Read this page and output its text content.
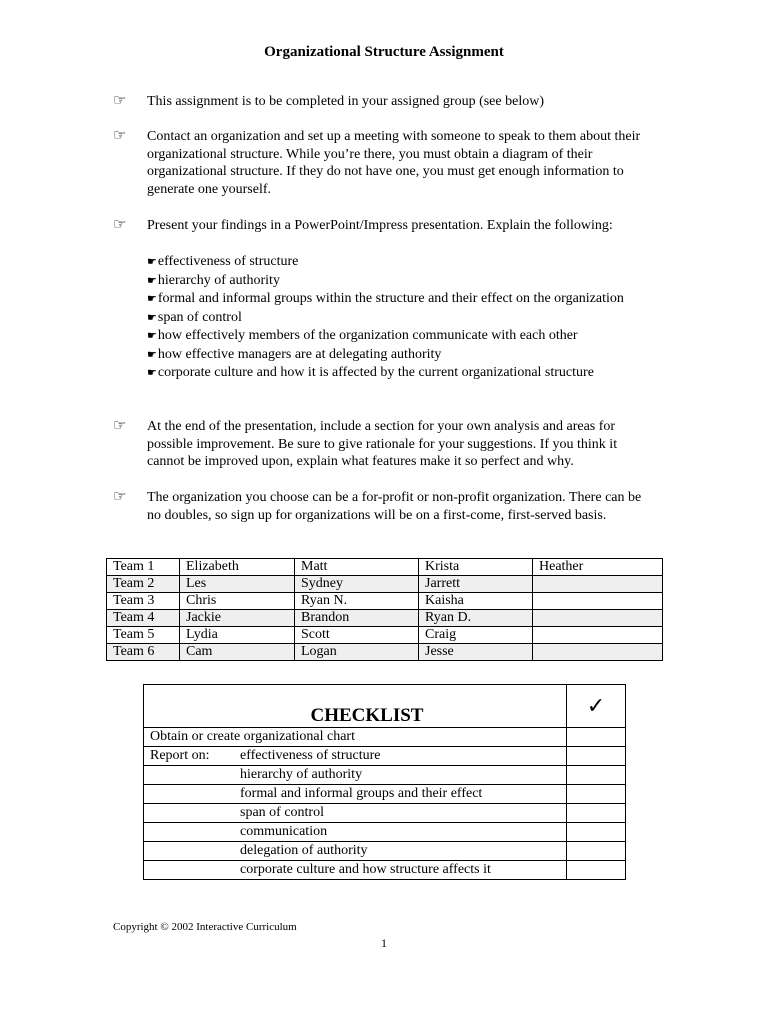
Organizational Structure Assignment
☞ This assignment is to be completed in your assigned group (see below)
☞ Contact an organization and set up a meeting with someone to speak to them about their organizational structure. While you’re there, you must obtain a diagram of their organizational structure. If they do not have one, you must get enough information to generate one yourself.
☞ Present your findings in a PowerPoint/Impress presentation. Explain the following:
☛effectiveness of structure
☛hierarchy of authority
☛formal and informal groups within the structure and their effect on the organization
☛span of control
☛how effectively members of the organization communicate with each other
☛how effective managers are at delegating authority
☛corporate culture and how it is affected by the current organizational structure
☞ At the end of the presentation, include a section for your own analysis and areas for possible improvement. Be sure to give rationale for your suggestions. If you think it cannot be improved upon, explain what features make it so perfect and why.
☞ The organization you choose can be a for-profit or non-profit organization. There can be no doubles, so sign up for organizations will be on a first-come, first-served basis.
Team 1	Elizabeth	Matt	Krista	Heather
Team 2	Les	Sydney	Jarrett	
Team 3	Chris	Ryan N.	Kaisha	
Team 4	Jackie	Brandon	Ryan D.	
Team 5	Lydia	Scott	Craig	
Team 6	Cam	Logan	Jesse	
CHECKLIST	✓
Obtain or create organizational chart	
Report on: effectiveness of structure	
hierarchy of authority	
formal and informal groups and their effect	
span of control	
communication	
delegation of authority	
corporate culture and how structure affects it	
Copyright © 2002 Interactive Curriculum
1
